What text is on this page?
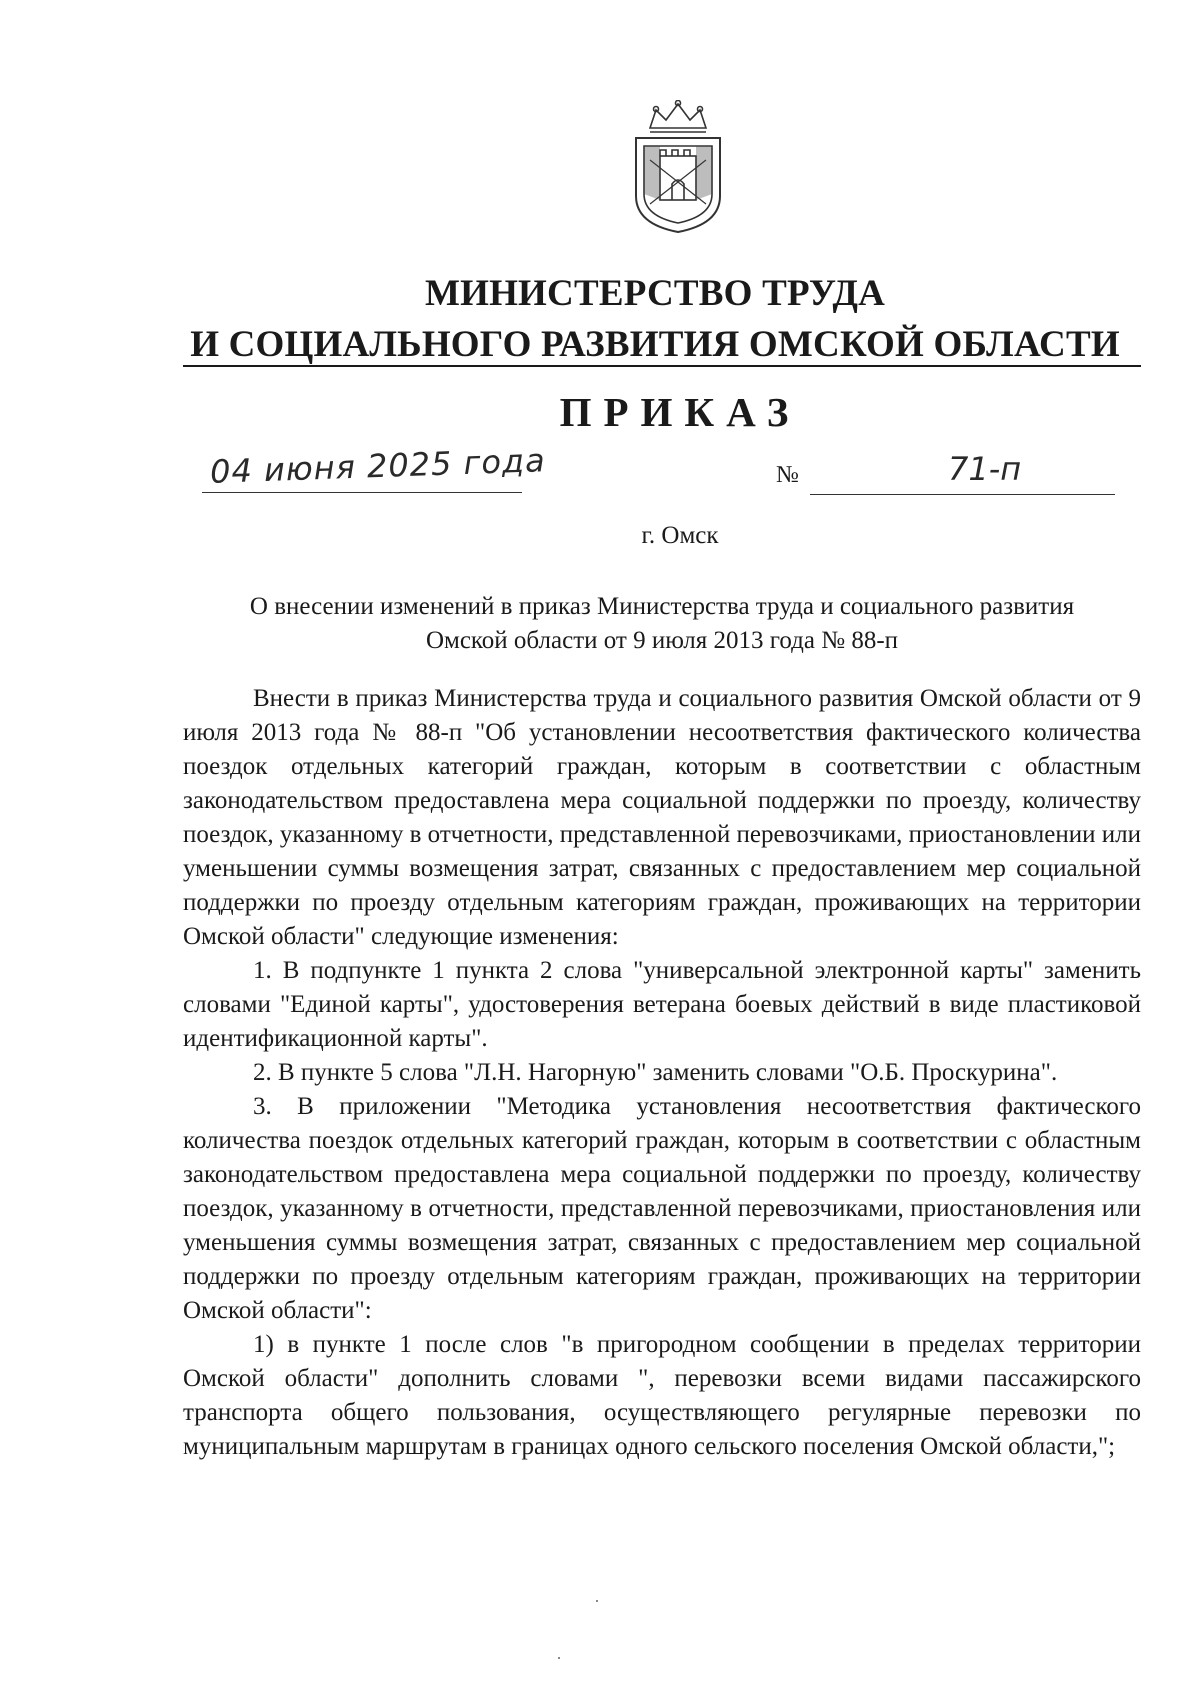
МИНИСТЕРСТВО ТРУДА
И СОЦИАЛЬНОГО РАЗВИТИЯ ОМСКОЙ ОБЛАСТИ
ПРИКАЗ
04 июня 2025 года	№	71-п
г. Омск
О внесении изменений в приказ Министерства труда и социального развития
Омской области от 9 июля 2013 года № 88-п

Внести в приказ Министерства труда и социального развития Омской области от 9 июля 2013 года № 88-п "Об установлении несоответствия фактического количества поездок отдельных категорий граждан, которым в соответствии с областным законодательством предоставлена мера социальной поддержки по проезду, количеству поездок, указанному в отчетности, представленной перевозчиками, приостановлении или уменьшении суммы возмещения затрат, связанных с предоставлением мер социальной поддержки по проезду отдельным категориям граждан, проживающих на территории Омской области" следующие изменения:

1. В подпункте 1 пункта 2 слова "универсальной электронной карты" заменить словами "Единой карты", удостоверения ветерана боевых действий в виде пластиковой идентификационной карты".

2. В пункте 5 слова "Л.Н. Нагорную" заменить словами "О.Б. Проскурина".

3. В приложении "Методика установления несоответствия фактического количества поездок отдельных категорий граждан, которым в соответствии с областным законодательством предоставлена мера социальной поддержки по проезду, количеству поездок, указанному в отчетности, представленной перевозчиками, приостановления или уменьшения суммы возмещения затрат, связанных с предоставлением мер социальной поддержки по проезду отдельным категориям граждан, проживающих на территории Омской области":

1) в пункте 1 после слов "в пригородном сообщении в пределах территории Омской области" дополнить словами ", перевозки всеми видами пассажирского транспорта общего пользования, осуществляющего регулярные перевозки по муниципальным маршрутам в границах одного сельского поселения Омской области,";
